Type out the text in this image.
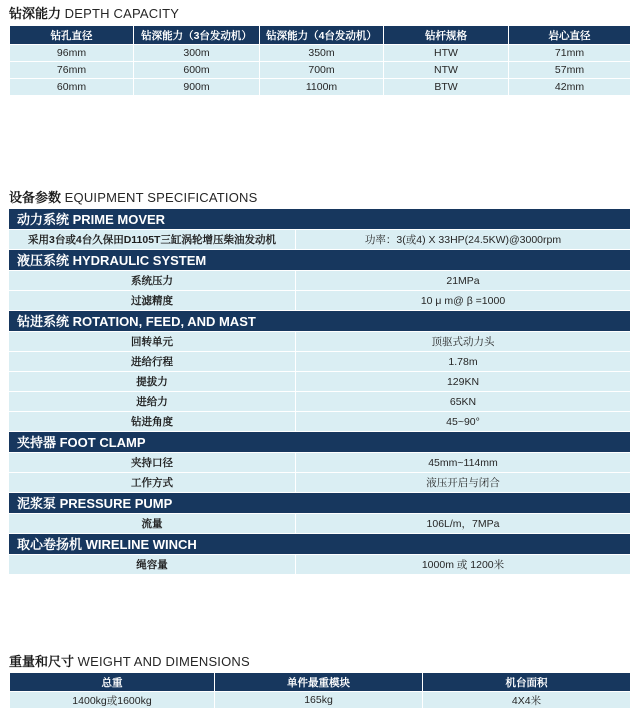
钻深能力 DEPTH CAPACITY
钻孔直径	钻深能力（3台发动机）	钻深能力（4台发动机）	钻杆规格	岩心直径
96mm	300m	350m	HTW	71mm
76mm	600m	700m	NTW	57mm
60mm	900m	1100m	BTW	42mm
设备参数 EQUIPMENT SPECIFICATIONS
动力系统 PRIME MOVER
采用3台或4台久保田D1105T三缸涡轮增压柴油发动机	功率：3(或4) X 33HP(24.5KW)@3000rpm
液压系统 HYDRAULIC SYSTEM
系统压力	21MPa
过滤精度	10 μ m@ β =1000
钻进系统 ROTATION, FEED, AND MAST
回转单元	顶驱式动力头
进给行程	1.78m
提拔力	129KN
进给力	65KN
钻进角度	45~90°
夹持器 FOOT CLAMP
夹持口径	45mm~114mm
工作方式	液压开启与闭合
泥浆泵 PRESSURE PUMP
流量	106L/m，7MPa
取心卷扬机 WIRELINE WINCH
绳容量	1000m 或 1200米
重量和尺寸 WEIGHT AND DIMENSIONS
总重	单件最重模块	机台面积
1400kg或1600kg	165kg	4X4米
